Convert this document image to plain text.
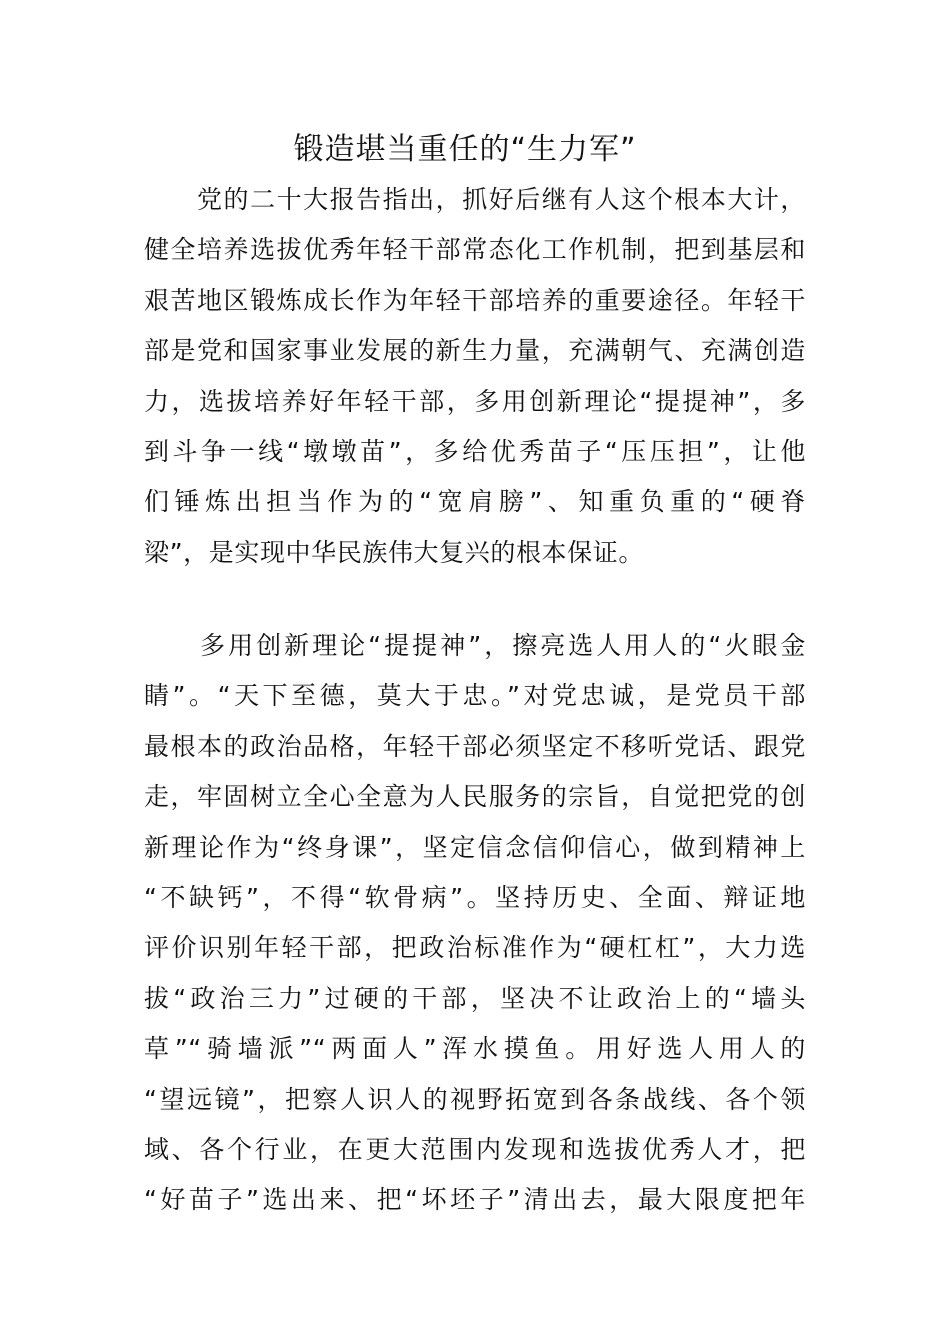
锻造堪当重任的“生力军”
　　党的二十大报告指出，抓好后继有人这个根本大计，
健全培养选拔优秀年轻干部常态化工作机制，把到基层和
艰苦地区锻炼成长作为年轻干部培养的重要途径。年轻干
部是党和国家事业发展的新生力量，充满朝气、充满创造
力，选拔培养好年轻干部，多用创新理论“提提神”，多
到斗争一线“墩墩苗”，多给优秀苗子“压压担”，让他
们锤炼出担当作为的“宽肩膀”、知重负重的“硬脊
梁”，是实现中华民族伟大复兴的根本保证。
　　多用创新理论“提提神”，擦亮选人用人的“火眼金
睛”。“天下至德，莫大于忠。”对党忠诚，是党员干部
最根本的政治品格，年轻干部必须坚定不移听党话、跟党
走，牢固树立全心全意为人民服务的宗旨，自觉把党的创
新理论作为“终身课”，坚定信念信仰信心，做到精神上
“不缺钙”，不得“软骨病”。坚持历史、全面、辩证地
评价识别年轻干部，把政治标准作为“硬杠杠”，大力选
拔“政治三力”过硬的干部，坚决不让政治上的“墙头
草”“骑墙派”“两面人”浑水摸鱼。用好选人用人的
“望远镜”，把察人识人的视野拓宽到各条战线、各个领
域、各个行业，在更大范围内发现和选拔优秀人才，把
“好苗子”选出来、把“坏坯子”清出去，最大限度把年
